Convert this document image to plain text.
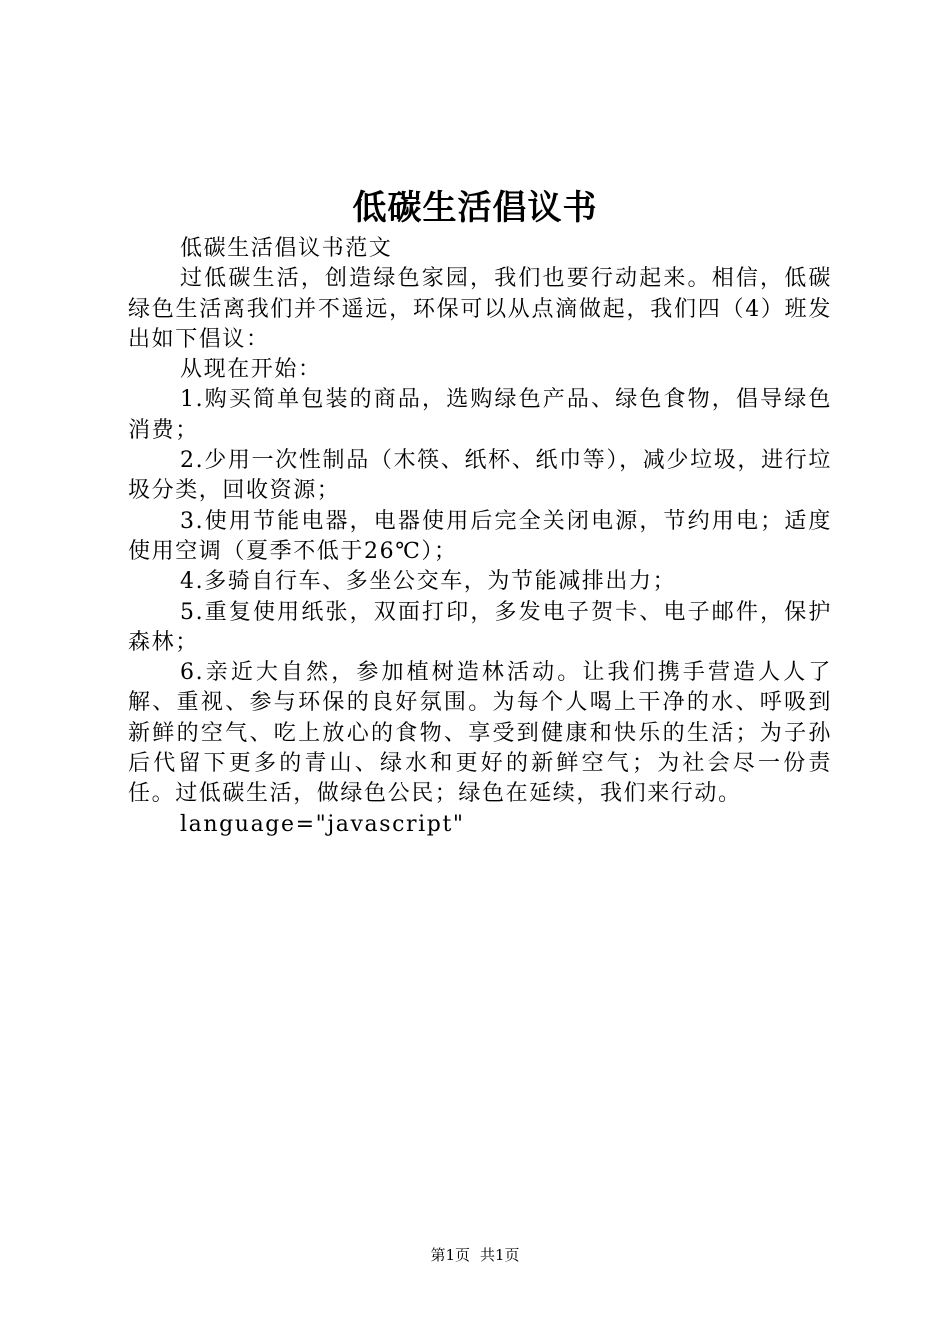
低碳生活倡议书

低碳生活倡议书范文

过低碳生活，创造绿色家园，我们也要行动起来。相信，低碳绿色生活离我们并不遥远，环保可以从点滴做起，我们四（4）班发出如下倡议：

从现在开始：

1.购买简单包装的商品，选购绿色产品、绿色食物，倡导绿色消费；

2.少用一次性制品（木筷、纸杯、纸巾等），减少垃圾，进行垃圾分类，回收资源；

3.使用节能电器，电器使用后完全关闭电源，节约用电；适度使用空调（夏季不低于26℃）；

4.多骑自行车、多坐公交车，为节能减排出力；

5.重复使用纸张，双面打印，多发电子贺卡、电子邮件，保护森林；

6.亲近大自然，参加植树造林活动。让我们携手营造人人了解、重视、参与环保的良好氛围。为每个人喝上干净的水、呼吸到新鲜的空气、吃上放心的食物、享受到健康和快乐的生活；为子孙后代留下更多的青山、绿水和更好的新鲜空气；为社会尽一份责任。过低碳生活，做绿色公民；绿色在延续，我们来行动。

language="javascript"

第1页 共1页
